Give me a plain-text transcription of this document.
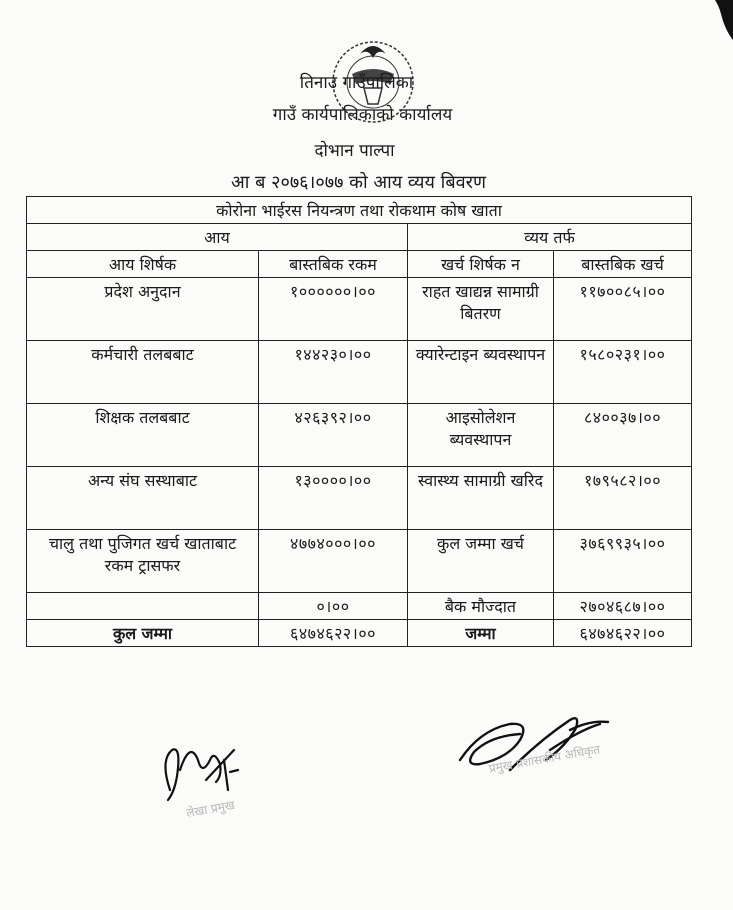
तिनाउ गाउँपालिका
गाउँ कार्यपालिकाको कार्यालय
दोभान पाल्पा
आ ब २०७६।०७७ को आय व्यय बिवरण
कोरोना भाईरस नियन्त्रण तथा रोकथाम कोष खाता			
आय		व्यय तर्फ	
आय शिर्षक	बास्तबिक रकम	खर्च शिर्षक न	बास्तबिक खर्च
प्रदेश अनुदान	१००००००।००	राहत खाद्यन्न सामाग्री बितरण	११७००८५।००
कर्मचारी तलबबाट	१४४२३०।००	क्यारेन्टाइन ब्यवस्थापन	१५८०२३१।००
शिक्षक तलबबाट	४२६३९२।००	आइसोलेशन ब्यवस्थापन	८४००३७।००
अन्य संघ सस्थाबाट	१३००००।००	स्वास्थ्य सामाग्री खरिद	१७९५८२।००
चालु तथा पुजिगत खर्च खाताबाट रकम ट्रासफर	४७७४०००।००	कुल जम्मा खर्च	३७६९९३५।००
	०।००	बैक मौज्दात	२७०४६८७।००
कुल जम्मा	६४७४६२२।००	जम्मा	६४७४६२२।००
लेखा प्रमुख
प्रमुख प्रशासकीय अधिकृत
